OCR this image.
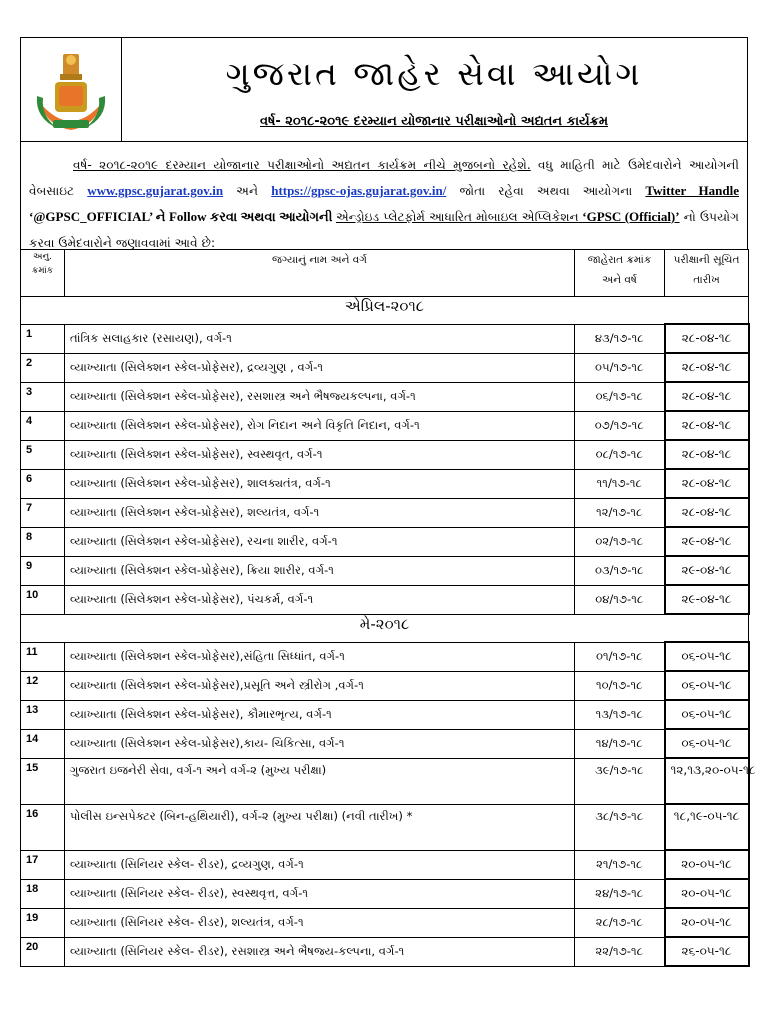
ગુજરાત જાહેર સેવા આયોગ
વર્ષ- ૨૦૧૮-૨૦૧૯ દરમ્યાન યોજાનાર પરીક્ષાઓનો અદ્યતન કાર્યક્રમ
વર્ષ- ૨૦૧૮-૨૦૧૯ દરમ્યાન યોજાનાર પરીક્ષાઓનો અદ્યતન કાર્યક્રમ નીચે મુજબનો રહેશે. વધુ માહિતી માટે ઉમેદવારોને આયોગની વેબસાઇટ www.gpsc.gujarat.gov.in અને https://gpsc-ojas.gujarat.gov.in/ જોતા રહેવા અથવા આયોગના Twitter Handle ‘@GPSC_OFFICIAL’ ને Follow કરવા અથવા આયોગની એન્ડ્રોઇડ પ્લેટફોર્મ આધારિત મોબાઇલ એપ્લિકેશન ‘GPSC (Official)’ નો ઉપયોગ કરવા ઉમેદવારોને જણાવવામાં આવે છે:
અનુ. ક્રમાંક	જગ્યાનું નામ અને વર્ગ	જાહેરાત ક્રમાંક અને વર્ષ	પરીક્ષાની સૂચિત તારીખ
એપ્રિલ-૨૦૧૮			
1	તાંત્રિક સલાહકાર (રસાયણ), વર્ગ-૧	૪૩/૧૭-૧૮	૨૮-૦૪-૧૮
2	વ્યાખ્યાતા (સિલેક્શન સ્કેલ-પ્રોફેસર), દ્રવ્યગુણ , વર્ગ-૧	૦૫/૧૭-૧૮	૨૮-૦૪-૧૮
3	વ્યાખ્યાતા (સિલેક્શન સ્કેલ-પ્રોફેસર), રસશાસ્ત્ર અને ભૈષજ્યકલ્પના, વર્ગ-૧	૦૬/૧૭-૧૮	૨૮-૦૪-૧૮
4	વ્યાખ્યાતા (સિલેક્શન સ્કેલ-પ્રોફેસર), રોગ નિદાન અને વિકૃતિ નિદાન, વર્ગ-૧	૦૭/૧૭-૧૮	૨૮-૦૪-૧૮
5	વ્યાખ્યાતા (સિલેક્શન સ્કેલ-પ્રોફેસર), સ્વસ્થવૃત, વર્ગ-૧	૦૮/૧૭-૧૮	૨૮-૦૪-૧૮
6	વ્યાખ્યાતા (સિલેક્શન સ્કેલ-પ્રોફેસર), શાલક્યતંત્ર, વર્ગ-૧	૧૧/૧૭-૧૮	૨૮-૦૪-૧૮
7	વ્યાખ્યાતા (સિલેક્શન સ્કેલ-પ્રોફેસર), શલ્યતંત્ર, વર્ગ-૧	૧૨/૧૭-૧૮	૨૮-૦૪-૧૮
8	વ્યાખ્યાતા (સિલેક્શન સ્કેલ-પ્રોફેસર), રચના શારીર, વર્ગ-૧	૦૨/૧૭-૧૮	૨૯-૦૪-૧૮
9	વ્યાખ્યાતા (સિલેક્શન સ્કેલ-પ્રોફેસર), ક્રિયા શારીર, વર્ગ-૧	૦૩/૧૭-૧૮	૨૯-૦૪-૧૮
10	વ્યાખ્યાતા (સિલેક્શન સ્કેલ-પ્રોફેસર), પંચકર્મ, વર્ગ-૧	૦૪/૧૭-૧૮	૨૯-૦૪-૧૮
મે-૨૦૧૮			
11	વ્યાખ્યાતા (સિલેક્શન સ્કેલ-પ્રોફેસર),સંહિતા સિધ્ધાંત, વર્ગ-૧	૦૧/૧૭-૧૮	૦૬-૦૫-૧૮
12	વ્યાખ્યાતા (સિલેક્શન સ્કેલ-પ્રોફેસર),પ્રસૂતિ અને સ્ત્રીરોગ ,વર્ગ-૧	૧૦/૧૭-૧૮	૦૬-૦૫-૧૮
13	વ્યાખ્યાતા (સિલેક્શન સ્કેલ-પ્રોફેસર), કૌમારભૃત્ય, વર્ગ-૧	૧૩/૧૭-૧૮	૦૬-૦૫-૧૮
14	વ્યાખ્યાતા (સિલેક્શન સ્કેલ-પ્રોફેસર),કાય- ચિકિત્સા, વર્ગ-૧	૧૪/૧૭-૧૮	૦૬-૦૫-૧૮
15	ગુજરાત ઇજનેરી સેવા, વર્ગ-૧ અને વર્ગ-૨ (મુખ્ય પરીક્ષા)	૩૯/૧૭-૧૮	૧૨,૧૩,૨૦-૦૫-૧૮
16	પોલીસ ઇન્સપેક્ટર (બિન-હથિયારી), વર્ગ-૨ (મુખ્ય પરીક્ષા) (નવી તારીખ) *	૩૮/૧૭-૧૮	૧૮,૧૯-૦૫-૧૮
17	વ્યાખ્યાતા (સિનિયર સ્કેલ- રીડર), દ્રવ્યગુણ, વર્ગ-૧	૨૧/૧૭-૧૮	૨૦-૦૫-૧૮
18	વ્યાખ્યાતા (સિનિયર સ્કેલ- રીડર), સ્વસ્થવૃત્ત, વર્ગ-૧	૨૪/૧૭-૧૮	૨૦-૦૫-૧૮
19	વ્યાખ્યાતા (સિનિયર સ્કેલ- રીડર), શલ્યતંત્ર, વર્ગ-૧	૨૮/૧૭-૧૮	૨૦-૦૫-૧૮
20	વ્યાખ્યાતા (સિનિયર સ્કેલ- રીડર), રસશાસ્ત્ર અને ભૈષજ્ય-કલ્પના, વર્ગ-૧	૨૨/૧૭-૧૮	૨૬-૦૫-૧૮
